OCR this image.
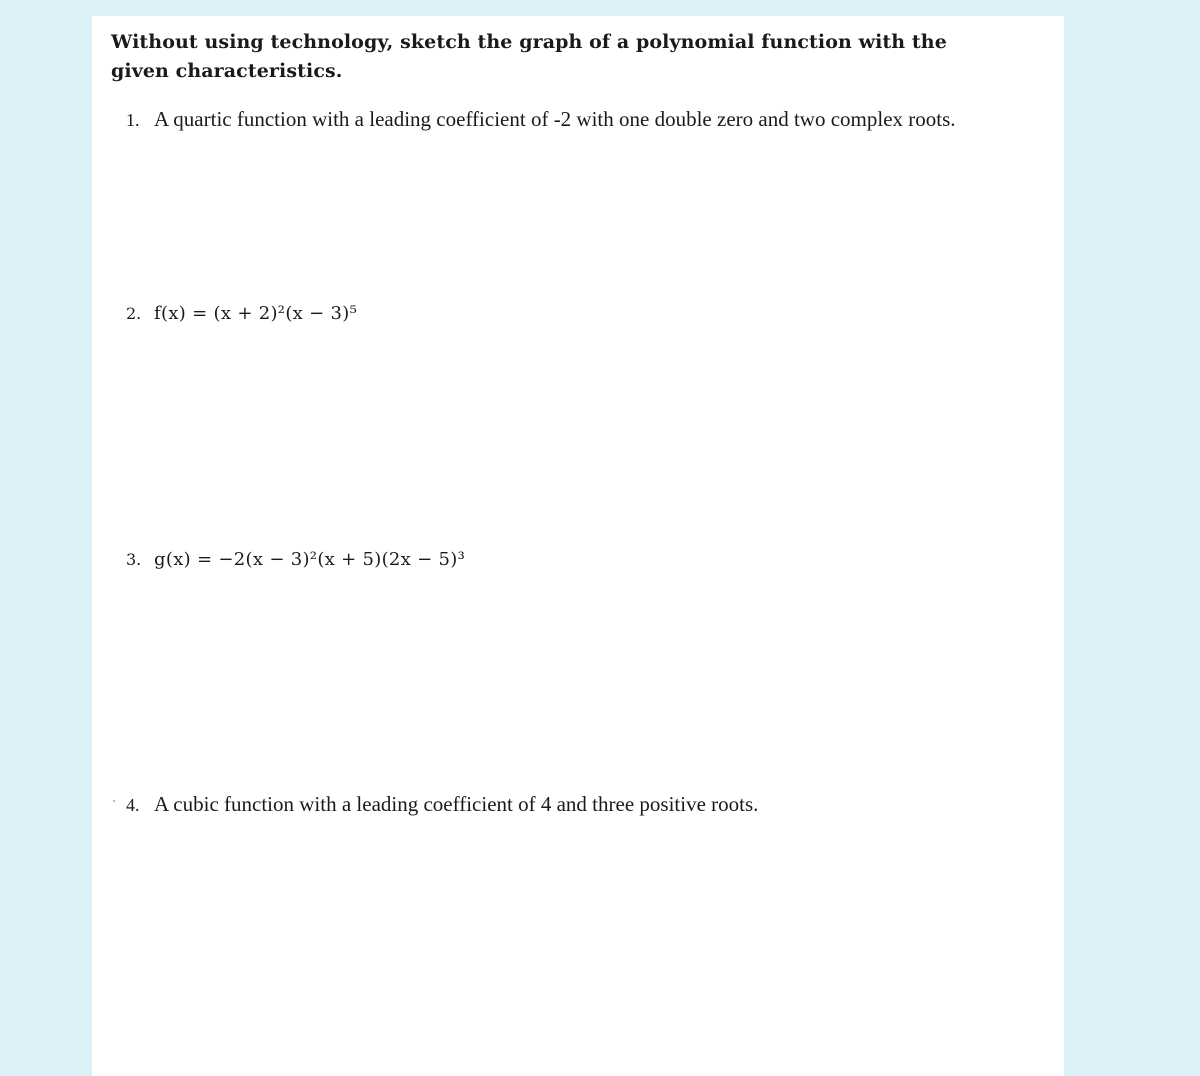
Without using technology, sketch the graph of a polynomial function with the given characteristics.
1. A quartic function with a leading coefficient of -2 with one double zero and two complex roots.
2. f(x) = (x + 2)²(x − 3)⁵
3. g(x) = −2(x − 3)²(x + 5)(2x − 5)³
4. A cubic function with a leading coefficient of 4 and three positive roots.
